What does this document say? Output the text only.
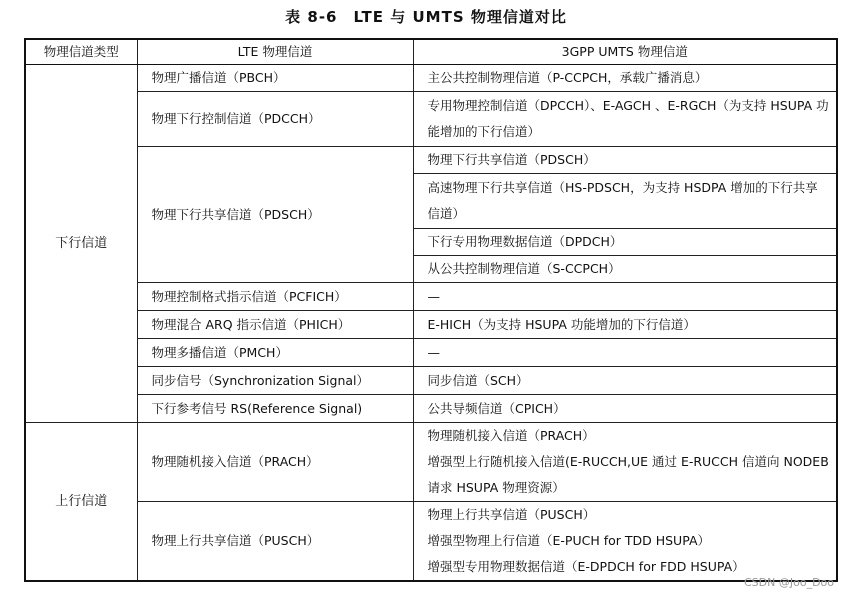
表 8-6　LTE 与 UMTS 物理信道对比
物理信道类型	LTE 物理信道	3GPP UMTS 物理信道
下行信道	物理广播信道（PBCH）	主公共控制物理信道（P-CCPCH，承载广播消息）
	物理下行控制信道（PDCCH）	专用物理控制信道（DPCCH）、E-AGCH 、E-RGCH（为支持 HSUPA 功能增加的下行信道）

	物理下行共享信道（PDSCH）	物理下行共享信道（PDSCH）

		高速物理下行共享信道（HS-PDSCH，为支持 HSDPA 增加的下行共享信道）

		下行专用物理数据信道（DPDCH）
		从公共控制物理信道（S-CCPCH）
	物理控制格式指示信道（PCFICH）	—
	物理混合 ARQ 指示信道（PHICH）	E-HICH（为支持 HSUPA 功能增加的下行信道）
	物理多播信道（PMCH）	—
	同步信号（Synchronization Signal）	同步信道（SCH）
	下行参考信号 RS(Reference Signal)	公共导频信道（CPICH）
上行信道	物理随机接入信道（PRACH）	物理随机接入信道（PRACH）

		增强型上行随机接入信道(E-RUCCH,UE 通过 E-RUCCH 信道向 NODEB 请求 HSUPA 物理资源）

	物理上行共享信道（PUSCH）	物理上行共享信道（PUSCH）
		增强型物理上行信道（E-PUCH for TDD HSUPA）
		增强型专用物理数据信道（E-DPDCH for FDD HSUPA）
CSDN @Joo_Doo
